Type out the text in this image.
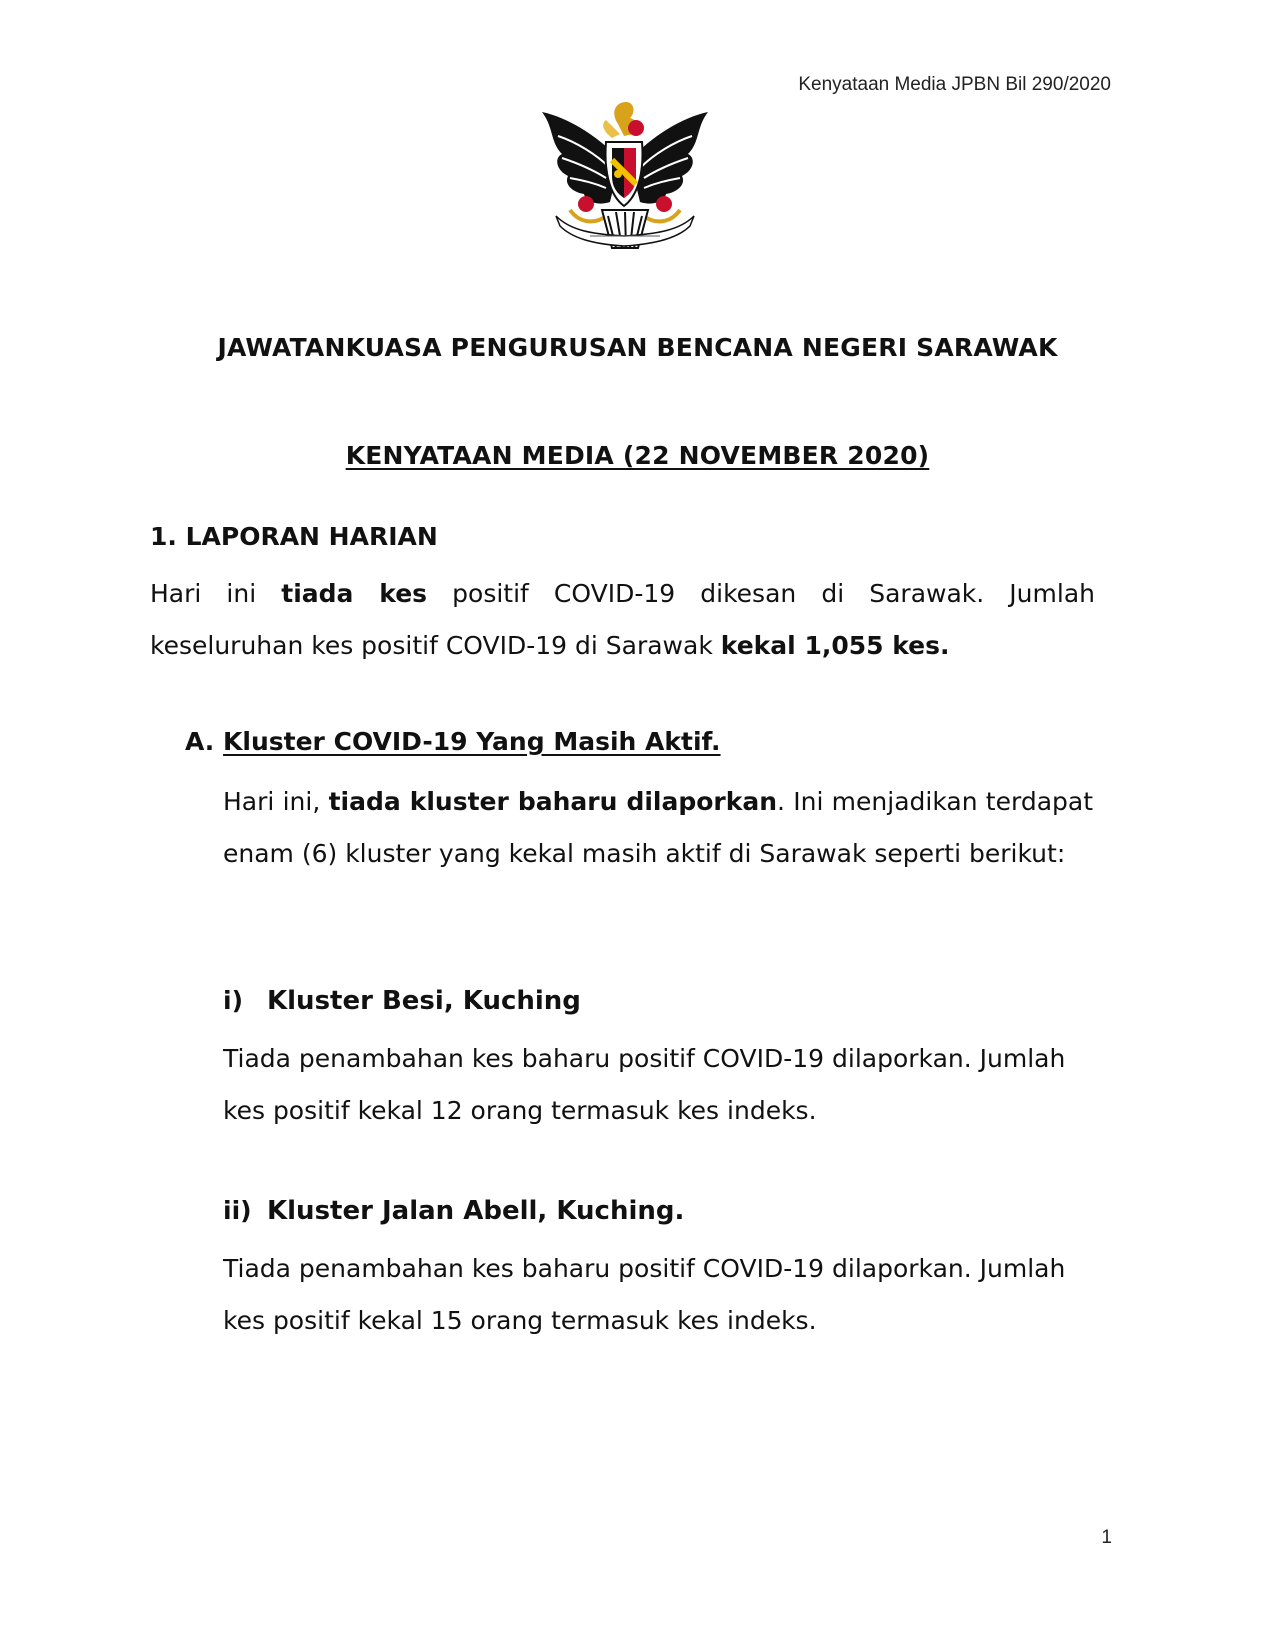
Kenyataan Media JPBN Bil 290/2020
JAWATANKUASA PENGURUSAN BENCANA NEGERI SARAWAK
KENYATAAN MEDIA (22 NOVEMBER 2020)
1. LAPORAN HARIAN
Hari ini tiada kes positif COVID-19 dikesan di Sarawak. Jumlah keseluruhan kes positif COVID-19 di Sarawak kekal 1,055 kes.
A. Kluster COVID-19 Yang Masih Aktif.
Hari ini, tiada kluster baharu dilaporkan. Ini menjadikan terdapat enam (6) kluster yang kekal masih aktif di Sarawak seperti berikut:
i) Kluster Besi, Kuching
Tiada penambahan kes baharu positif COVID-19 dilaporkan. Jumlah kes positif kekal 12 orang termasuk kes indeks.
ii) Kluster Jalan Abell, Kuching.
Tiada penambahan kes baharu positif COVID-19 dilaporkan. Jumlah kes positif kekal 15 orang termasuk kes indeks.
1
